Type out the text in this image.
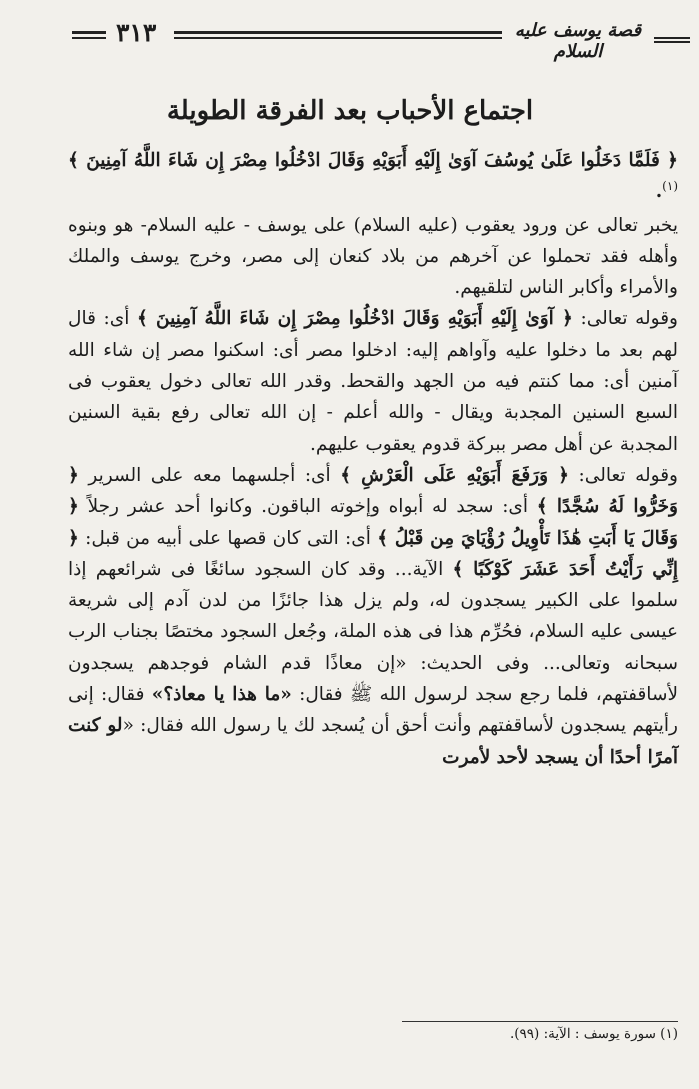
٣١٣	قصة يوسف عليه السلام
اجتماع الأحباب بعد الفرقة الطويلة

﴿ فَلَمَّا دَخَلُوا عَلَىٰ يُوسُفَ آوَىٰ إِلَيْهِ أَبَوَيْهِ وَقَالَ ادْخُلُوا مِصْرَ إِن شَاءَ اللَّهُ آمِنِينَ ﴾$^{(١)}$.

يخبر تعالى عن ورود يعقوب (عليه السلام) على يوسف - عليه السلام- هو وبنوه وأهله فقد تحملوا عن آخرهم من بلاد كنعان إلى مصر، وخرج يوسف والملك والأمراء وأكابر الناس لتلقيهم.

وقوله تعالى: ﴿ آوَىٰ إِلَيْهِ أَبَوَيْهِ وَقَالَ ادْخُلُوا مِصْرَ إِن شَاءَ اللَّهُ آمِنِينَ ﴾ أى: قال لهم بعد ما دخلوا عليه وآواهم إليه: ادخلوا مصر أى: اسكنوا مصر إن شاء الله آمنين أى: مما كنتم فيه من الجهد والقحط. وقدر الله تعالى دخول يعقوب فى السبع السنين المجدبة ويقال - والله أعلم - إن الله تعالى رفع بقية السنين المجدبة عن أهل مصر ببركة قدوم يعقوب عليهم.

وقوله تعالى: ﴿ وَرَفَعَ أَبَوَيْهِ عَلَى الْعَرْشِ ﴾ أى: أجلسهما معه على السرير ﴿ وَخَرُّوا لَهُ سُجَّدًا ﴾ أى: سجد له أبواه وإخوته الباقون. وكانوا أحد عشر رجلاً ﴿ وَقَالَ يَا أَبَتِ هَٰذَا تَأْوِيلُ رُؤْيَايَ مِن قَبْلُ ﴾ أى: التى كان قصها على أبيه من قبل: ﴿ إِنِّي رَأَيْتُ أَحَدَ عَشَرَ كَوْكَبًا ﴾ الآية... وقد كان السجود سائغًا فى شرائعهم إذا سلموا على الكبير يسجدون له، ولم يزل هذا جائزًا من لدن آدم إلى شريعة عيسى عليه السلام، فحُرِّم هذا فى هذه الملة، وجُعل السجود مختصًا بجناب الرب سبحانه وتعالى... وفى الحديث: «إن معاذًا قدم الشام فوجدهم يسجدون لأساقفتهم، فلما رجع سجد لرسول الله ﷺ فقال: «ما هذا يا معاذ؟» فقال: إنى رأيتهم يسجدون لأساقفتهم وأنت أحق أن يُسجد لك يا رسول الله فقال: «لو كنت آمرًا أحدًا أن يسجد لأحد لأمرت

(١) سورة يوسف : الآية: (٩٩).
